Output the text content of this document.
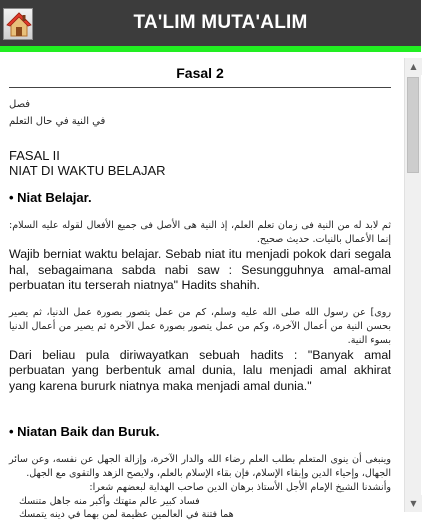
TA'LIM MUTA'ALIM
Fasal 2
فصل
في النية في حال التعلم
FASAL II
NIAT DI WAKTU BELAJAR
• Niat Belajar.
ثم لابد له من النية فى زمان تعلم العلم، إذ النية هى الأصل فى جميع الأفعال لقوله عليه السلام: إنما الأعمال بالنيات. حديث صحيح.
Wajib berniat waktu belajar. Sebab niat itu menjadi pokok dari segala hal, sebagaimana sabda nabi saw : Sesungguhnya amal-amal perbuatan itu terserah niatnya" Hadits shahih.
روى] عن رسول الله صلى الله عليه وسلم، كم من عمل يتصور بصورة عمل الدنيا، ثم يصير بحسن النية من أعمال الآخرة، وكم من عمل يتصور بصورة عمل الآخرة ثم يصير من أعمال الدنيا بسوء النية.
Dari beliau pula diriwayatkan sebuah hadits : "Banyak amal perbuatan yang berbentuk amal dunia, lalu menjadi amal akhirat yang karena bururk niatnya maka menjadi amal dunia."
• Niatan Baik dan Buruk.
وينبغى أن ينوى المتعلم بطلب العلم رضاء الله والدار الآخرة، وإزالة الجهل عن نفسه، وعن سائر الجهال، وإحياء الدين وإبقاء الإسلام، فإن بقاء الإسلام بالعلم، ولايصح الزهد والتقوى مع الجهل.
وأنشدنا الشيخ الإمام الأجل الأستاذ برهان الدين صاحب الهداية لبعضهم شعرا:
فساد كبير عالم متهتك وأكبر منه جاهل متنسك
هما فتنة في العالمين عظيمة لمن بهما في دينه يتمسك
▲
▼
